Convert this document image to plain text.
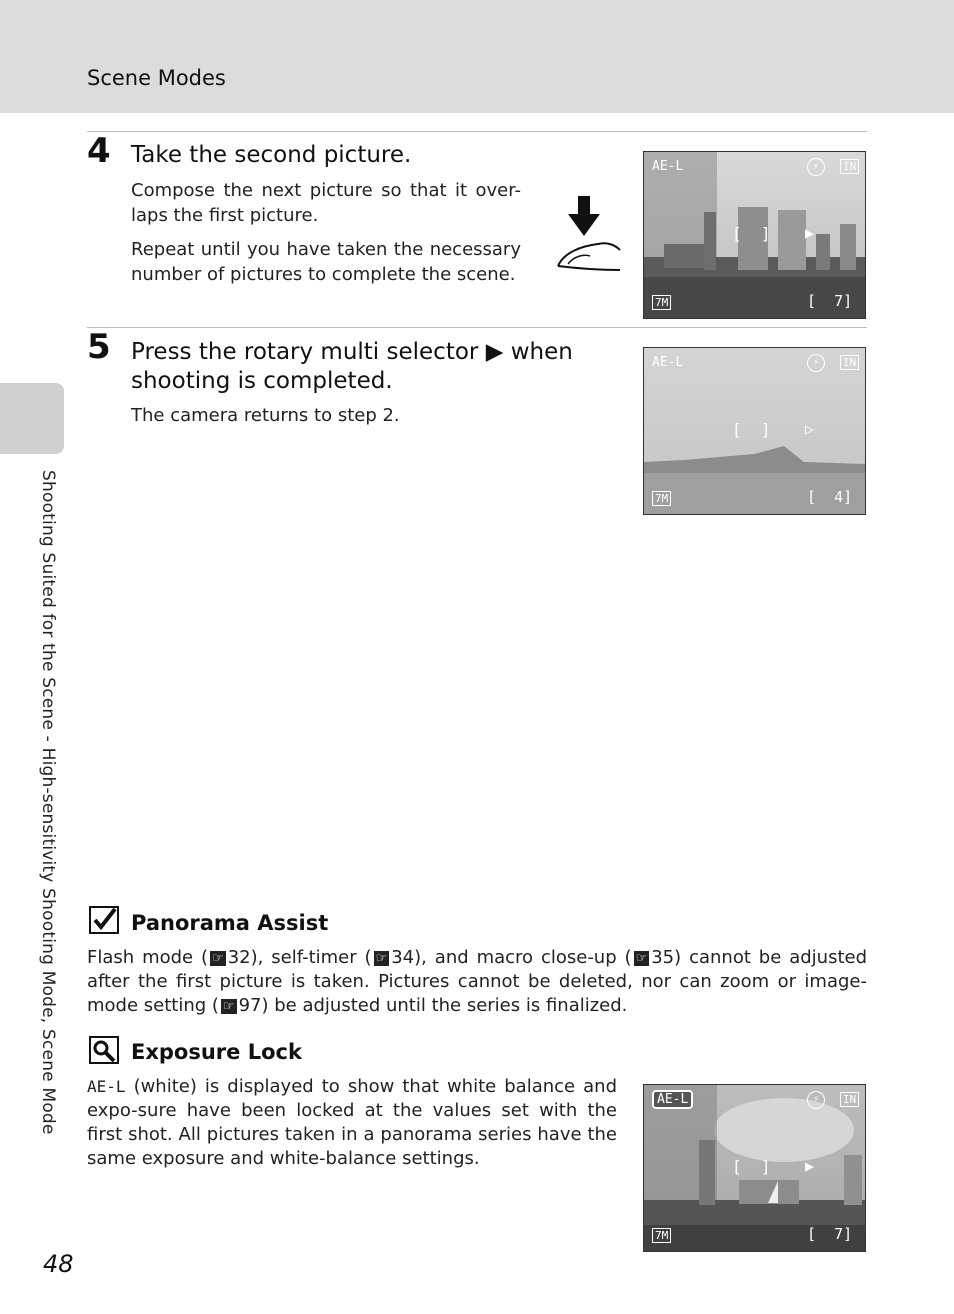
Scene Modes
Shooting Suited for the Scene - High-sensitivity Shooting Mode, Scene Mode
4 Take the second picture.

Compose the next picture so that it over-laps the first picture.

Repeat until you have taken the necessary number of pictures to complete the scene.

5 Press the rotary multi selector ▶ when shooting is completed.

The camera returns to step 2.

Panorama Assist
Flash mode ( ☞ 32), self-timer ( ☞ 34), and macro close-up ( ☞ 35) cannot be adjusted after the first picture is taken. Pictures cannot be deleted, nor can zoom or image-mode setting ( ☞ 97) be adjusted until the series is finalized.
Exposure Lock
AE-L (white) is displayed to show that white balance and expo-sure have been locked at the values set with the first shot. All pictures taken in a panorama series have the same exposure and white-balance settings.
AE-L	⚡	IN
[  ] ▶
7M	[  7]
AE-L	⚡	IN
[  ] ▷
7M	[  4]
AE-L	⚡	IN
[  ] ▶
7M	[  7]
48
